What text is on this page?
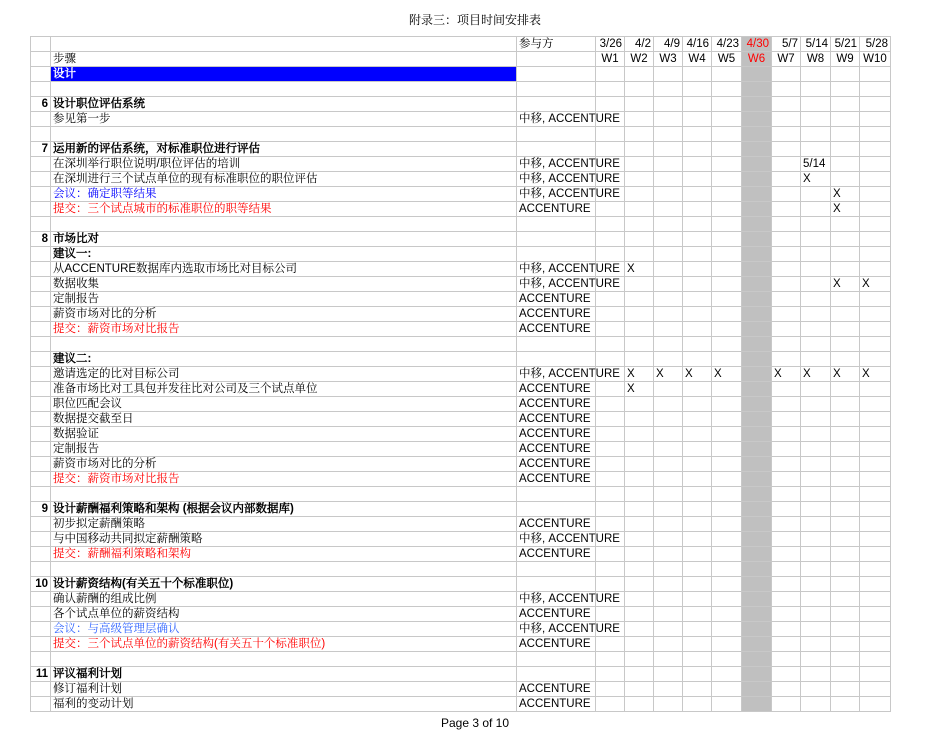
附录三：项目时间安排表
		参与方	3/26	4/2	4/9	4/16	4/23	4/30	5/7	5/14	5/21	5/28
	步骤		W1	W2	W3	W4	W5	W6	W7	W8	W9	W10
	设计											

6	设计职位评估系统											
	参见第一步	中移, ACCENTURE										

7	运用新的评估系统，对标准职位进行评估											
	在深圳举行职位说明/职位评估的培训	中移, ACCENTURE								5/14		
	在深圳进行三个试点单位的现有标准职位的职位评估	中移, ACCENTURE								X		
	会议：确定职等结果	中移, ACCENTURE									X	
	提交：三个试点城市的标准职位的职等结果	ACCENTURE									X	

8	市场比对											
	建议一:											
	从ACCENTURE数据库内选取市场比对目标公司	中移, ACCENTURE		X								
	数据收集	中移, ACCENTURE									X	X
	定制报告	ACCENTURE										
	薪资市场对比的分析	ACCENTURE										
	提交：薪资市场对比报告	ACCENTURE										

	建议二:											
	邀请选定的比对目标公司	中移, ACCENTURE		X	X	X	X		X	X	X	X
	准备市场比对工具包并发往比对公司及三个试点单位	ACCENTURE		X								
	职位匹配会议	ACCENTURE										
	数据提交截至日	ACCENTURE										
	数据验证	ACCENTURE										
	定制报告	ACCENTURE										
	薪资市场对比的分析	ACCENTURE										
	提交：薪资市场对比报告	ACCENTURE										

9	设计薪酬福利策略和架构 (根据会议内部数据库)											
	初步拟定薪酬策略	ACCENTURE										
	与中国移动共同拟定薪酬策略	中移, ACCENTURE										
	提交：薪酬福利策略和架构	ACCENTURE										

10	设计薪资结构(有关五十个标准职位)											
	确认薪酬的组成比例	中移, ACCENTURE										
	各个试点单位的薪资结构	ACCENTURE										
	会议：与高级管理层确认	中移, ACCENTURE										
	提交：三个试点单位的薪资结构(有关五十个标准职位)	ACCENTURE										

11	评议福利计划											
	修订福利计划	ACCENTURE										
	福利的变动计划	ACCENTURE										
Page 3 of 10
